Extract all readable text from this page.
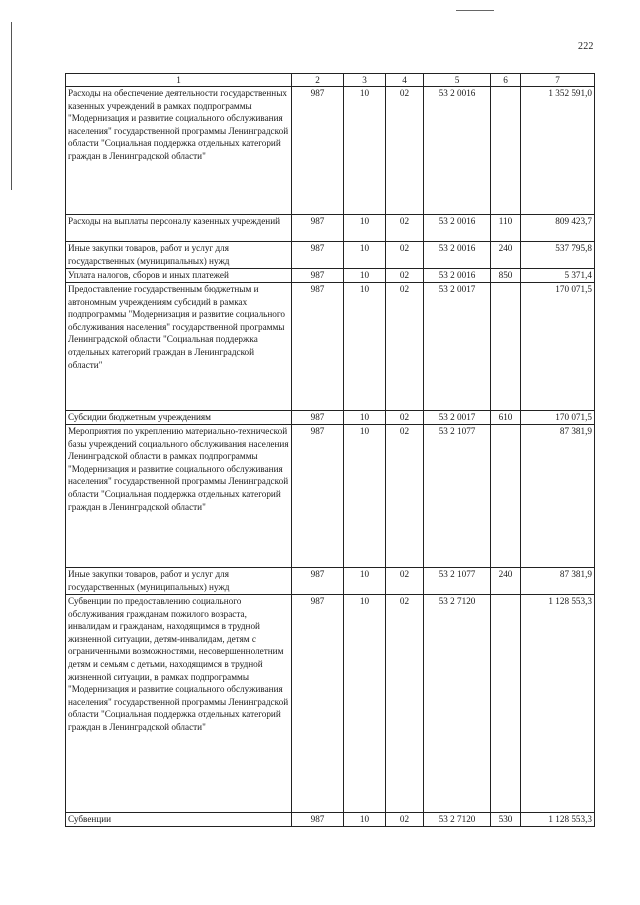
222
1	2	3	4	5	6	7
Расходы на обеспечение деятельности государственных казенных учреждений в рамках подпрограммы "Модернизация и развитие социального обслуживания населения" государственной программы Ленинградской области "Социальная поддержка отдельных категорий граждан в Ленинградской области"	987	10	02	53 2 0016		1 352 591,0
Расходы на выплаты персоналу казенных учреждений	987	10	02	53 2 0016	110	809 423,7
Иные закупки товаров, работ и услуг для государственных (муниципальных) нужд	987	10	02	53 2 0016	240	537 795,8
Уплата налогов, сборов и иных платежей	987	10	02	53 2 0016	850	5 371,4
Предоставление государственным бюджетным и автономным учреждениям субсидий в рамках подпрограммы "Модернизация и развитие социального обслуживания населения" государственной программы Ленинградской области "Социальная поддержка отдельных категорий граждан в Ленинградской области"	987	10	02	53 2 0017		170 071,5
Субсидии бюджетным учреждениям	987	10	02	53 2 0017	610	170 071,5
Мероприятия по укреплению материально-технической базы учреждений социального обслуживания населения Ленинградской области в рамках подпрограммы "Модернизация и развитие социального обслуживания населения" государственной программы Ленинградской области "Социальная поддержка отдельных категорий граждан в Ленинградской области"	987	10	02	53 2 1077		87 381,9
Иные закупки товаров, работ и услуг для государственных (муниципальных) нужд	987	10	02	53 2 1077	240	87 381,9
Субвенции по предоставлению социального обслуживания гражданам пожилого возраста, инвалидам и гражданам, находящимся в трудной жизненной ситуации, детям-инвалидам, детям с ограниченными возможностями, несовершеннолетним детям и семьям с детьми, находящимся в трудной жизненной ситуации, в рамках подпрограммы "Модернизация и развитие социального обслуживания населения" государственной программы Ленинградской области "Социальная поддержка отдельных категорий граждан в Ленинградской области"	987	10	02	53 2 7120		1 128 553,3
Субвенции	987	10	02	53 2 7120	530	1 128 553,3
